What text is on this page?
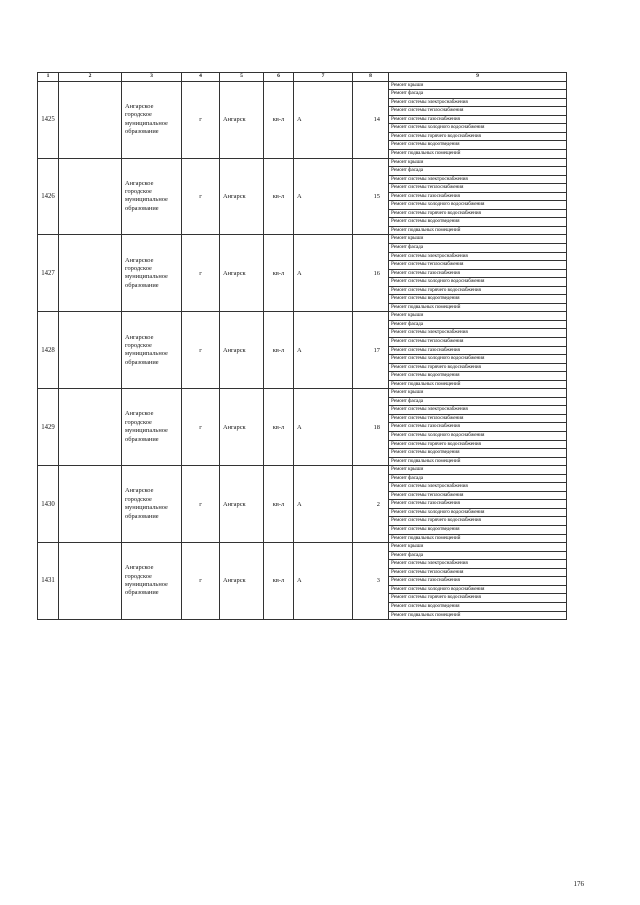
1	2	3	4	5	6	7	8	9
1425		Ангарское городское муниципальное образование	г	Ангарск	кв-л	А	14	Ремонт крыши
								Ремонт фасада
								Ремонт системы электроснабжения
								Ремонт системы теплоснабжения
								Ремонт системы газоснабжения
								Ремонт системы холодного водоснабжения
								Ремонт системы горячего водоснабжения
								Ремонт системы водоотведения
								Ремонт подвальных помещений
1426		Ангарское городское муниципальное образование	г	Ангарск	кв-л	А	15	Ремонт крыши
								Ремонт фасада
								Ремонт системы электроснабжения
								Ремонт системы теплоснабжения
								Ремонт системы газоснабжения
								Ремонт системы холодного водоснабжения
								Ремонт системы горячего водоснабжения
								Ремонт системы водоотведения
								Ремонт подвальных помещений
1427		Ангарское городское муниципальное образование	г	Ангарск	кв-л	А	16	Ремонт крыши
								Ремонт фасада
								Ремонт системы электроснабжения
								Ремонт системы теплоснабжения
								Ремонт системы газоснабжения
								Ремонт системы холодного водоснабжения
								Ремонт системы горячего водоснабжения
								Ремонт системы водоотведения
								Ремонт подвальных помещений
1428		Ангарское городское муниципальное образование	г	Ангарск	кв-л	А	17	Ремонт крыши
								Ремонт фасада
								Ремонт системы электроснабжения
								Ремонт системы теплоснабжения
								Ремонт системы газоснабжения
								Ремонт системы холодного водоснабжения
								Ремонт системы горячего водоснабжения
								Ремонт системы водоотведения
								Ремонт подвальных помещений
1429		Ангарское городское муниципальное образование	г	Ангарск	кв-л	А	18	Ремонт крыши
								Ремонт фасада
								Ремонт системы электроснабжения
								Ремонт системы теплоснабжения
								Ремонт системы газоснабжения
								Ремонт системы холодного водоснабжения
								Ремонт системы горячего водоснабжения
								Ремонт системы водоотведения
								Ремонт подвальных помещений
1430		Ангарское городское муниципальное образование	г	Ангарск	кв-л	А	2	Ремонт крыши
								Ремонт фасада
								Ремонт системы электроснабжения
								Ремонт системы теплоснабжения
								Ремонт системы газоснабжения
								Ремонт системы холодного водоснабжения
								Ремонт системы горячего водоснабжения
								Ремонт системы водоотведения
								Ремонт подвальных помещений
1431		Ангарское городское муниципальное образование	г	Ангарск	кв-л	А	3	Ремонт крыши
								Ремонт фасада
								Ремонт системы электроснабжения
								Ремонт системы теплоснабжения
								Ремонт системы газоснабжения
								Ремонт системы холодного водоснабжения
								Ремонт системы горячего водоснабжения
								Ремонт системы водоотведения
								Ремонт подвальных помещений
176
